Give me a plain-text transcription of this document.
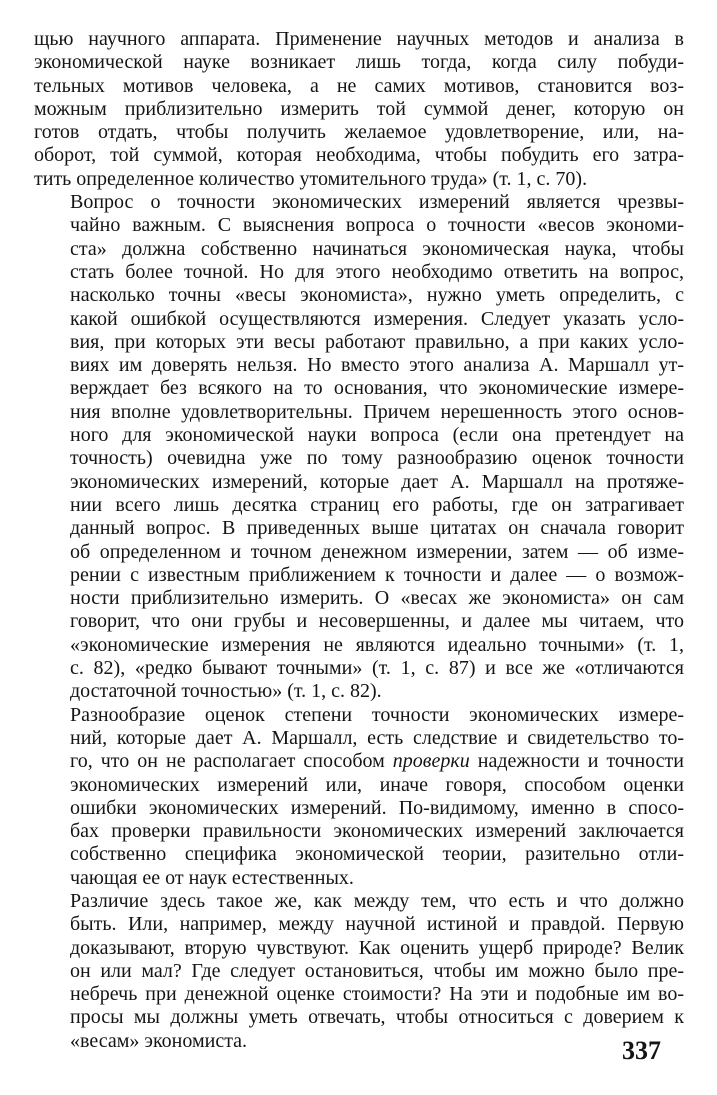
щью научного аппарата. Применение научных методов и анализа в
экономической науке возникает лишь тогда, когда силу побуди-
тельных мотивов человека, а не самих мотивов, становится воз-
можным приблизительно измерить той суммой денег, которую он
готов отдать, чтобы получить желаемое удовлетворение, или, на-
оборот, той суммой, которая необходима, чтобы побудить его затра-
тить определенное количество утомительного труда» (т. 1, с. 70).

Вопрос о точности экономических измерений является чрезвы-
чайно важным. С выяснения вопроса о точности «весов экономи-
ста» должна собственно начинаться экономическая наука, чтобы
стать более точной. Но для этого необходимо ответить на вопрос,
насколько точны «весы экономиста», нужно уметь определить, с
какой ошибкой осуществляются измерения. Следует указать усло-
вия, при которых эти весы работают правильно, а при каких усло-
виях им доверять нельзя. Но вместо этого анализа А. Маршалл ут-
верждает без всякого на то основания, что экономические измере-
ния вполне удовлетворительны. Причем нерешенность этого основ-
ного для экономической науки вопроса (если она претендует на
точность) очевидна уже по тому разнообразию оценок точности
экономических измерений, которые дает А. Маршалл на протяже-
нии всего лишь десятка страниц его работы, где он затрагивает
данный вопрос. В приведенных выше цитатах он сначала говорит
об определенном и точном денежном измерении, затем — об изме-
рении с известным приближением к точности и далее — о возмож-
ности приблизительно измерить. О «весах же экономиста» он сам
говорит, что они грубы и несовершенны, и далее мы читаем, что
«экономические измерения не являются идеально точными» (т. 1,
с. 82), «редко бывают точными» (т. 1, с. 87) и все же «отличаются
достаточной точностью» (т. 1, с. 82).

Разнообразие оценок степени точности экономических измере-
ний, которые дает А. Маршалл, есть следствие и свидетельство то-
го, что он не располагает способом проверки надежности и точности
экономических измерений или, иначе говоря, способом оценки
ошибки экономических измерений. По-видимому, именно в спосо-
бах проверки правильности экономических измерений заключается
собственно специфика экономической теории, разительно отли-
чающая ее от наук естественных.

Различие здесь такое же, как между тем, что есть и что должно
быть. Или, например, между научной истиной и правдой. Первую
доказывают, вторую чувствуют. Как оценить ущерб природе? Велик
он или мал? Где следует остановиться, чтобы им можно было пре-
небречь при денежной оценке стоимости? На эти и подобные им во-
просы мы должны уметь отвечать, чтобы относиться с доверием к
«весам» экономиста.	337
